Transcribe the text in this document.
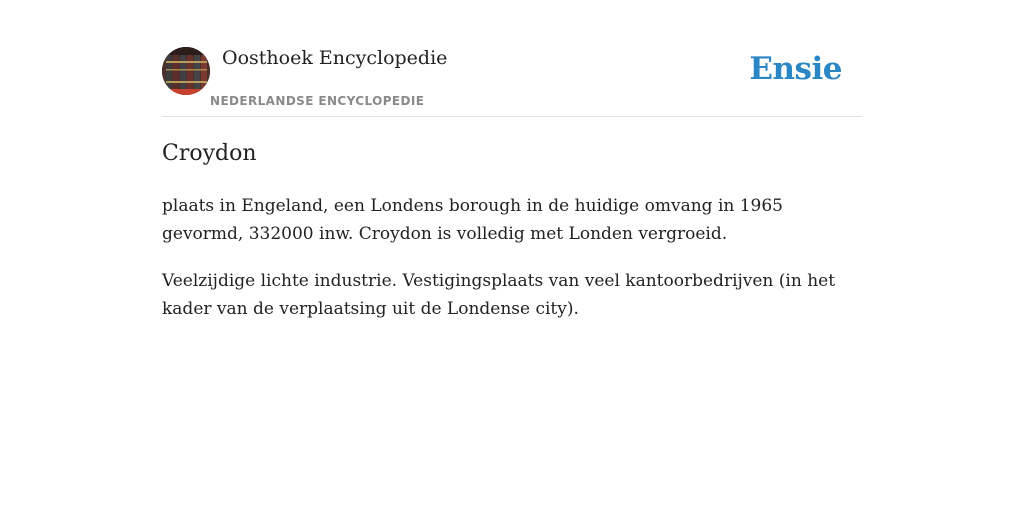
Oosthoek Encyclopedie
NEDERLANDSE ENCYCLOPEDIE
Ensie
Croydon

plaats in Engeland, een Londens borough in de huidige omvang in 1965 gevormd, 332000 inw. Croydon is volledig met Londen vergroeid.

Veelzijdige lichte industrie. Vestigingsplaats van veel kantoorbedrijven (in het kader van de verplaatsing uit de Londense city).
